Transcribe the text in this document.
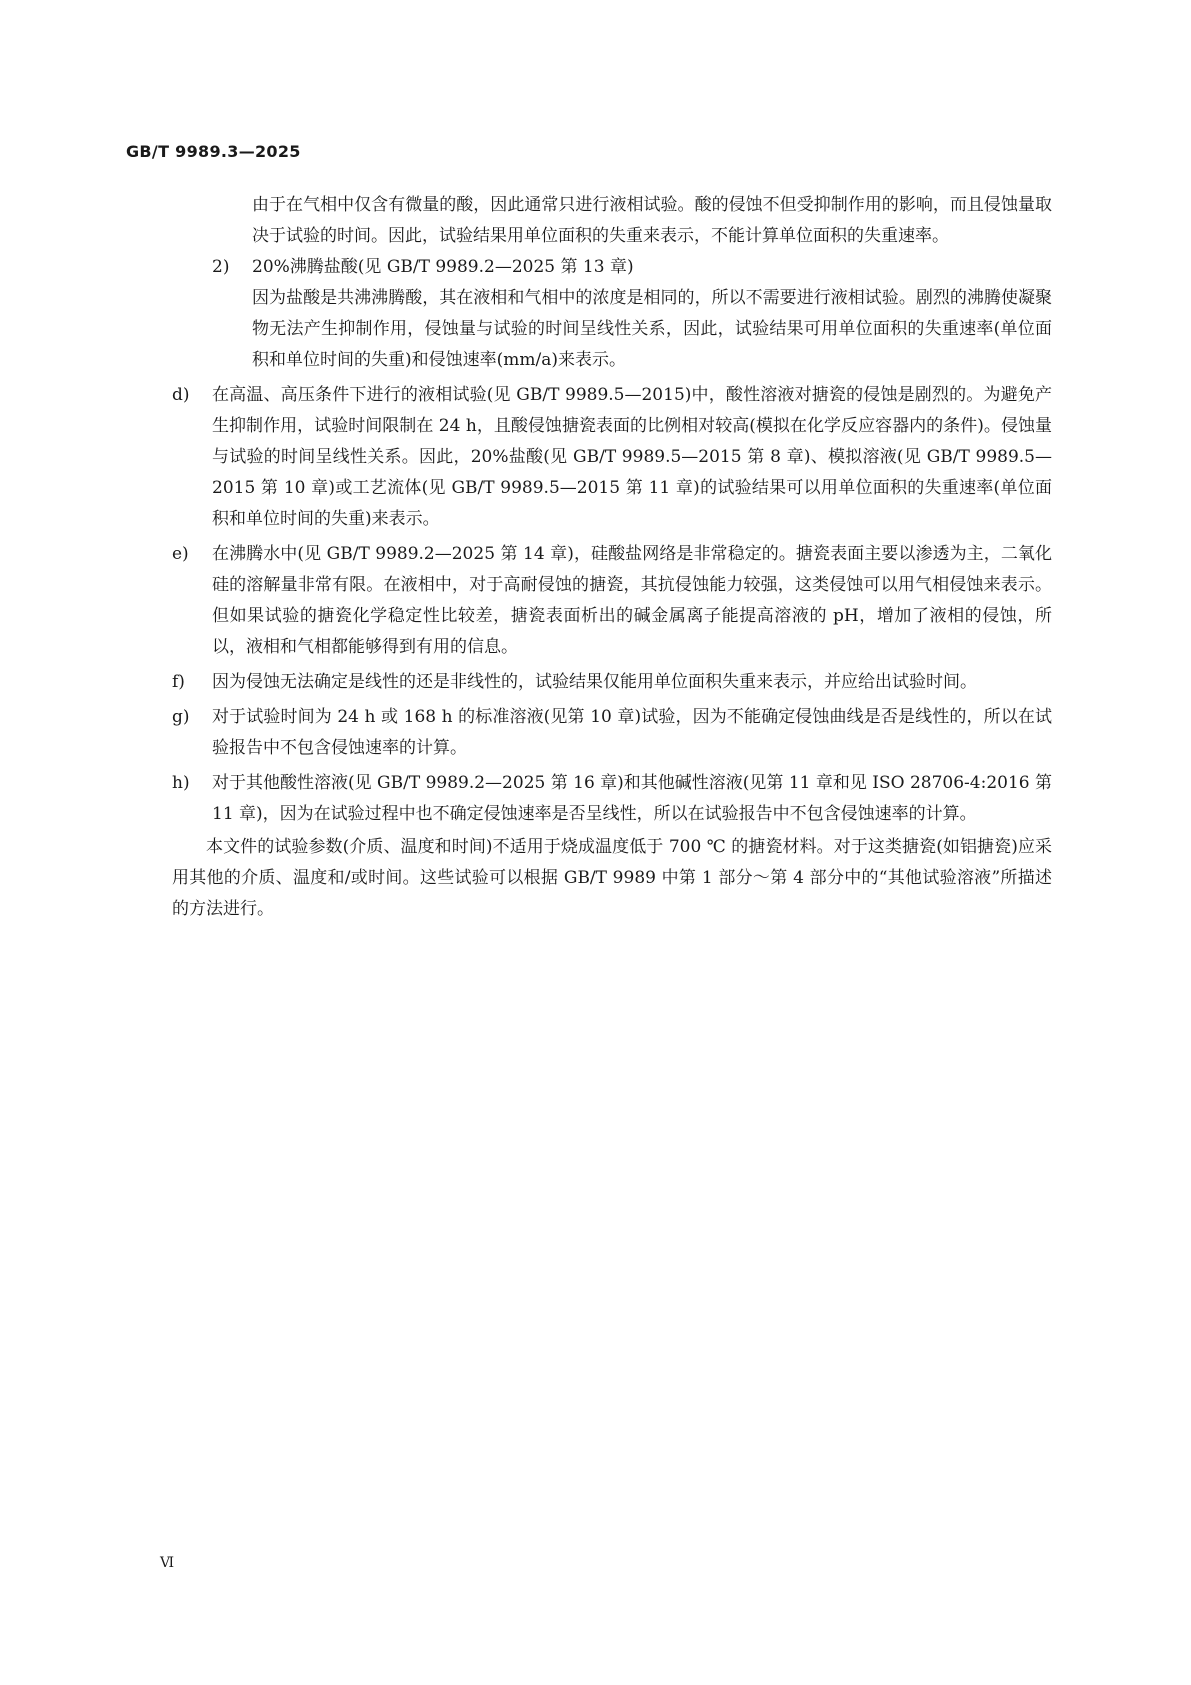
GB/T 9989.3—2025

由于在气相中仅含有微量的酸，因此通常只进行液相试验。酸的侵蚀不但受抑制作用的影响，而且侵蚀量取决于试验的时间。因此，试验结果用单位面积的失重来表示，不能计算单位面积的失重速率。

2) 20%沸腾盐酸(见 GB/T 9989.2—2025 第 13 章)

因为盐酸是共沸沸腾酸，其在液相和气相中的浓度是相同的，所以不需要进行液相试验。剧烈的沸腾使凝聚物无法产生抑制作用，侵蚀量与试验的时间呈线性关系，因此，试验结果可用单位面积的失重速率(单位面积和单位时间的失重)和侵蚀速率(mm/a)来表示。

d) 在高温、高压条件下进行的液相试验(见 GB/T 9989.5—2015)中，酸性溶液对搪瓷的侵蚀是剧烈的。为避免产生抑制作用，试验时间限制在 24 h，且酸侵蚀搪瓷表面的比例相对较高(模拟在化学反应容器内的条件)。侵蚀量与试验的时间呈线性关系。因此，20%盐酸(见 GB/T 9989.5—2015 第 8 章)、模拟溶液(见 GB/T 9989.5—2015 第 10 章)或工艺流体(见 GB/T 9989.5—2015 第 11 章)的试验结果可以用单位面积的失重速率(单位面积和单位时间的失重)来表示。

e) 在沸腾水中(见 GB/T 9989.2—2025 第 14 章)，硅酸盐网络是非常稳定的。搪瓷表面主要以渗透为主，二氧化硅的溶解量非常有限。在液相中，对于高耐侵蚀的搪瓷，其抗侵蚀能力较强，这类侵蚀可以用气相侵蚀来表示。但如果试验的搪瓷化学稳定性比较差，搪瓷表面析出的碱金属离子能提高溶液的 pH，增加了液相的侵蚀，所以，液相和气相都能够得到有用的信息。

f) 因为侵蚀无法确定是线性的还是非线性的，试验结果仅能用单位面积失重来表示，并应给出试验时间。

g) 对于试验时间为 24 h 或 168 h 的标准溶液(见第 10 章)试验，因为不能确定侵蚀曲线是否是线性的，所以在试验报告中不包含侵蚀速率的计算。

h) 对于其他酸性溶液(见 GB/T 9989.2—2025 第 16 章)和其他碱性溶液(见第 11 章和见 ISO 28706-4:2016 第 11 章)，因为在试验过程中也不确定侵蚀速率是否呈线性，所以在试验报告中不包含侵蚀速率的计算。

本文件的试验参数(介质、温度和时间)不适用于烧成温度低于 700 ℃ 的搪瓷材料。对于这类搪瓷(如铝搪瓷)应采用其他的介质、温度和/或时间。这些试验可以根据 GB/T 9989 中第 1 部分～第 4 部分中的“其他试验溶液”所描述的方法进行。

Ⅵ
